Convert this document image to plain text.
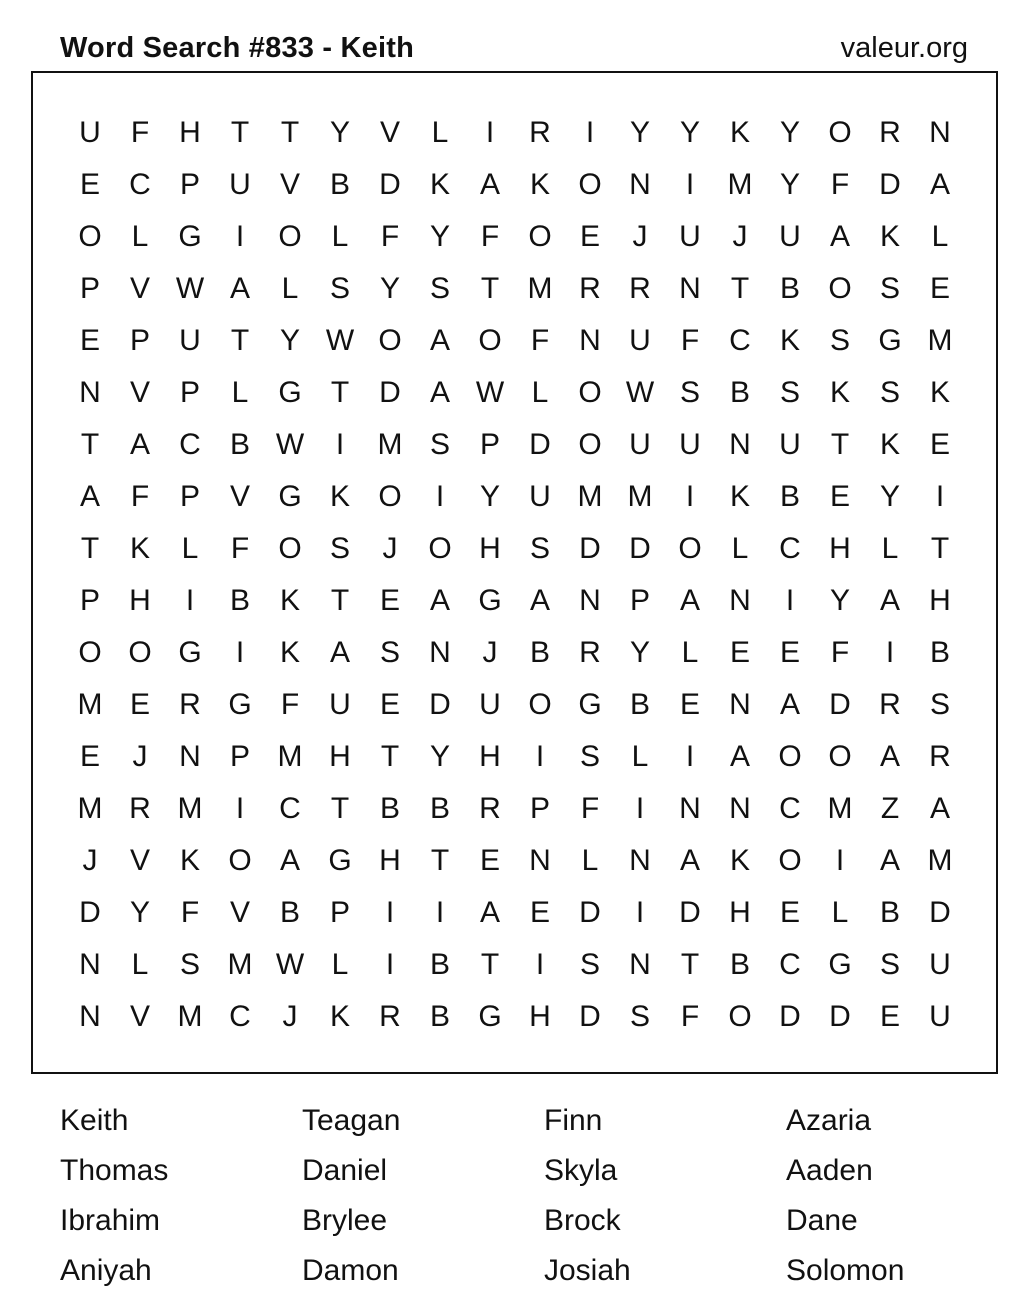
Word Search #833 - Keith	valeur.org
U	F	H	T	T	Y V	L	I	R	I	Y Y K Y O R N
E C P U V B D K A K O N	I	M Y	F	D A
O L G	I	O L	F	Y	F O E	J	U	J	U A K	L
P V W A	L	S Y S	T M R R N	T	B O S E
E P U	T	Y W O A O F	N U	F	C K S G M
N V P	L G T	D A W L O W S B S K S K
T	A C B W	I	M S P D O U U N U	T	K E
A	F	P V G K O	I	Y U M M	I	K B E Y	I
T	K	L	F O S	J	O H S D D O L	C H	L	T
P H	I	B K	T	E A G A N P A N	I	Y A H
O O G	I	K A S N	J	B R Y	L	E E	F	I	B
M E R G F	U E D U O G B E N A D R S
E	J	N P M H	T	Y H	I	S	L	I	A O O A R
M R M	I	C	T	B B R P	F	I	N N C M Z	A
J	V K O A G H	T	E N	L	N A K O	I	A M
D Y	F	V B P	I	I	A E D	I	D H E	L	B D
N	L	S M W L	I	B	T	I	S N	T	B C G S U
N V M C	J	K R B G H D S	F O D D E U
Keith	Teagan	Finn	Azaria
Thomas	Daniel	Skyla	Aaden
Ibrahim	Brylee	Brock	Dane
Aniyah	Damon	Josiah	Solomon
